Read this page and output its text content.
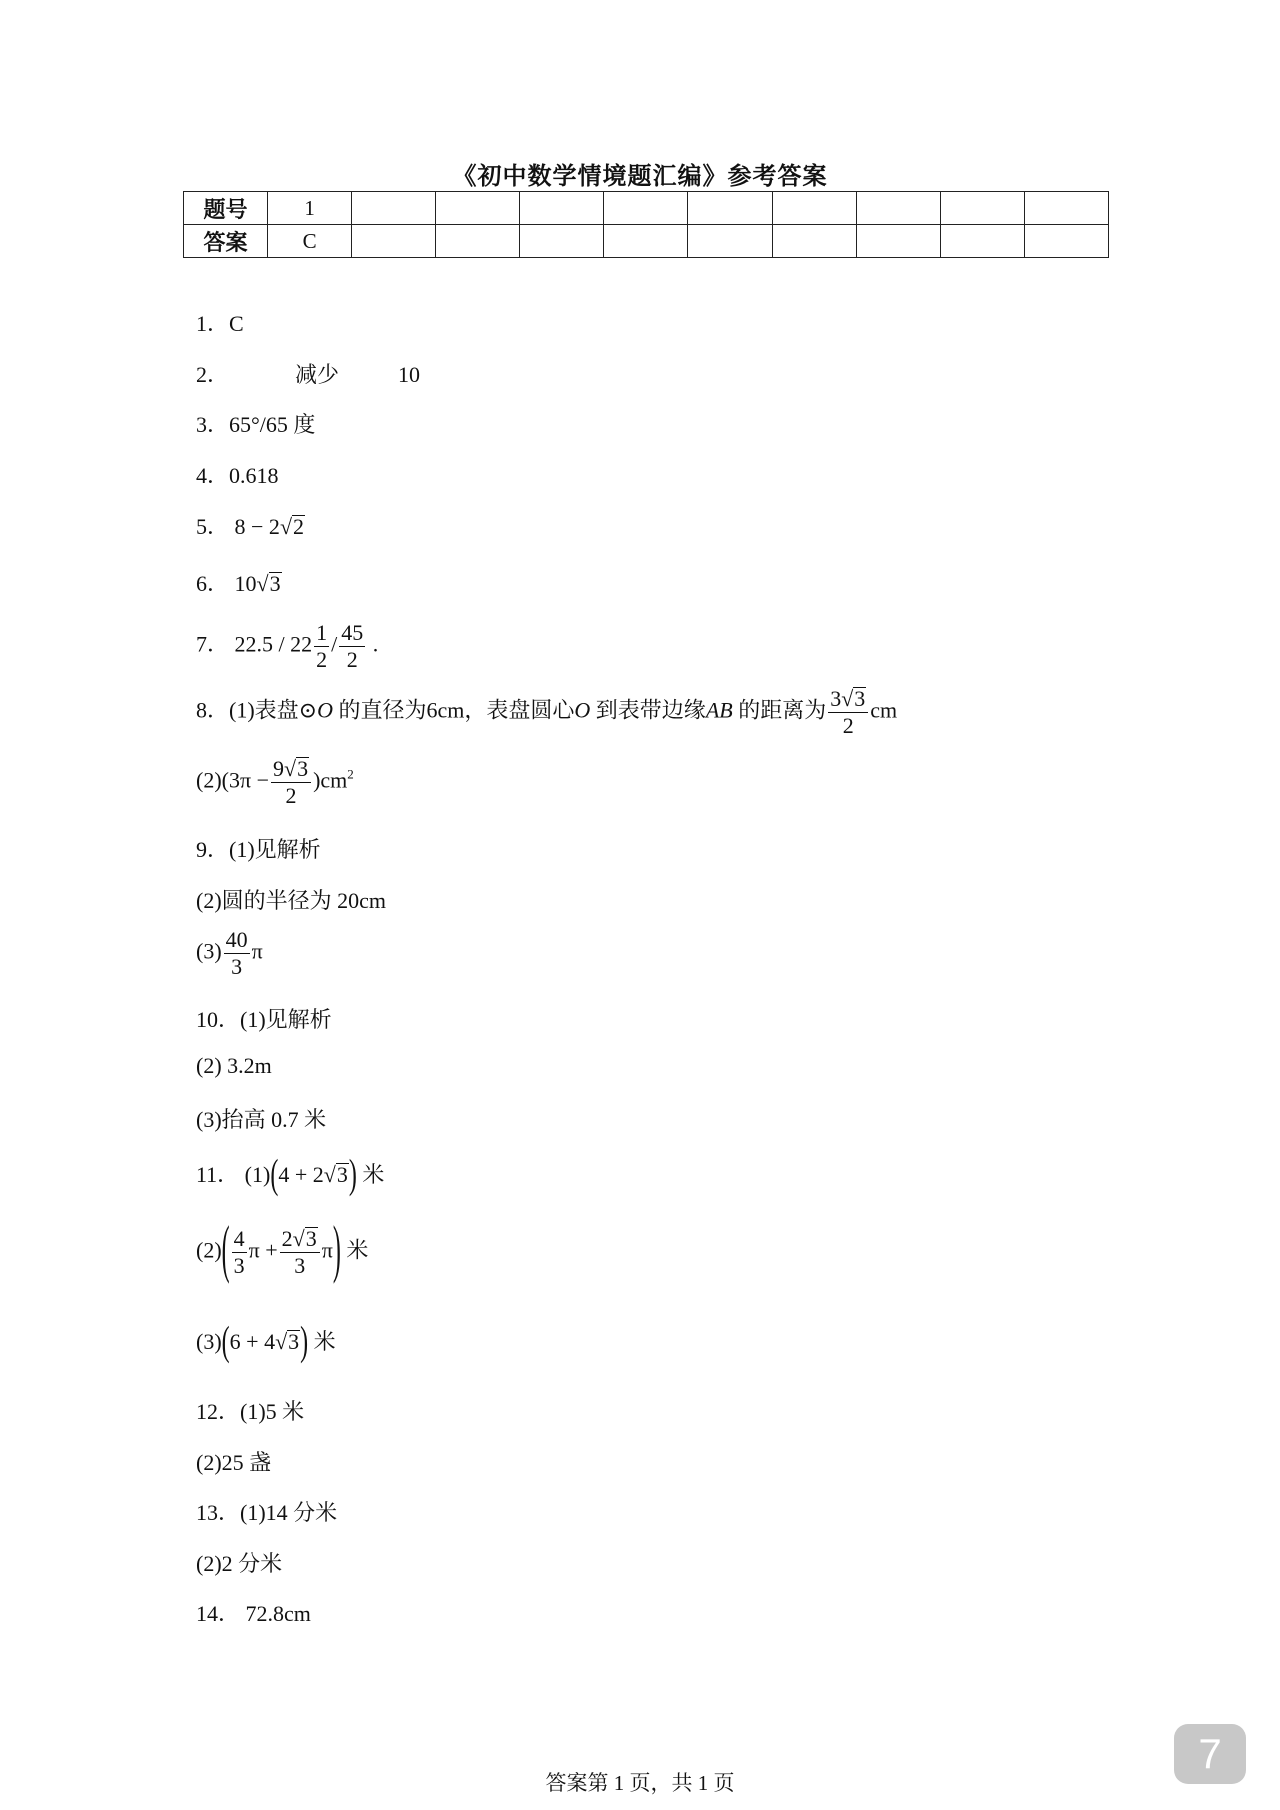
《初中数学情境题汇编》参考答案
题号	1									
答案	C									
1．C
2．	减少	10
3．65°/65 度
4．0.618
5． 8 − 2√2
6． 10√3
7． $22.5 / 22 \frac{1}{2} / \frac{45}{2}$ .
8．(1)表盘⊙O 的直径为6cm，表盘圆心O 到表带边缘AB 的距离为 $\frac{3√3}{2}$ cm
$(2)(3\pi - \frac{9√3}{2} )cm^2$
9．(1)见解析
(2)圆的半径为 20cm
$(3) \frac{40}{3}$ π
10．(1)见解析
(2) 3.2m
(3)抬高 0.7 米
11． (1)(4 + 2√3) 米
$(2)( \frac{4}{3}$ $\pi + \frac{2√3}{3} \pi$) 米
(3)(6 + 4√3) 米
12．(1)5 米
(2)25 盏
13．(1)14 分米
(2)2 分米
14． 72.8cm
答案第 1 页，共 1 页
7
